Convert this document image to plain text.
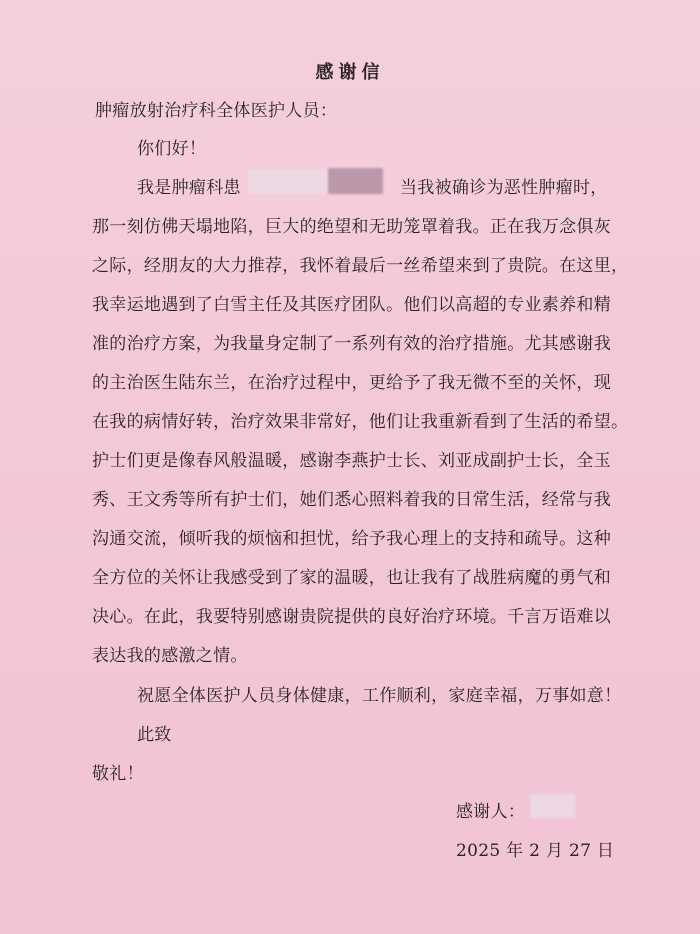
感谢信
肿瘤放射治疗科全体医护人员：
你们好！
我是肿瘤科患	当我被确诊为恶性肿瘤时，
那一刻仿佛天塌地陷，巨大的绝望和无助笼罩着我。正在我万念俱灰
之际，经朋友的大力推荐，我怀着最后一丝希望来到了贵院。在这里，
我幸运地遇到了白雪主任及其医疗团队。他们以高超的专业素养和精
准的治疗方案，为我量身定制了一系列有效的治疗措施。尤其感谢我
的主治医生陆东兰，在治疗过程中，更给予了我无微不至的关怀，现
在我的病情好转，治疗效果非常好，他们让我重新看到了生活的希望。
护士们更是像春风般温暖，感谢李燕护士长、刘亚成副护士长，全玉
秀、王文秀等所有护士们，她们悉心照料着我的日常生活，经常与我
沟通交流，倾听我的烦恼和担忧，给予我心理上的支持和疏导。这种
全方位的关怀让我感受到了家的温暖，也让我有了战胜病魔的勇气和
决心。在此，我要特别感谢贵院提供的良好治疗环境。千言万语难以
表达我的感激之情。
祝愿全体医护人员身体健康，工作顺利，家庭幸福，万事如意！
此致
敬礼！
感谢人：
2025 年 2 月 27 日
